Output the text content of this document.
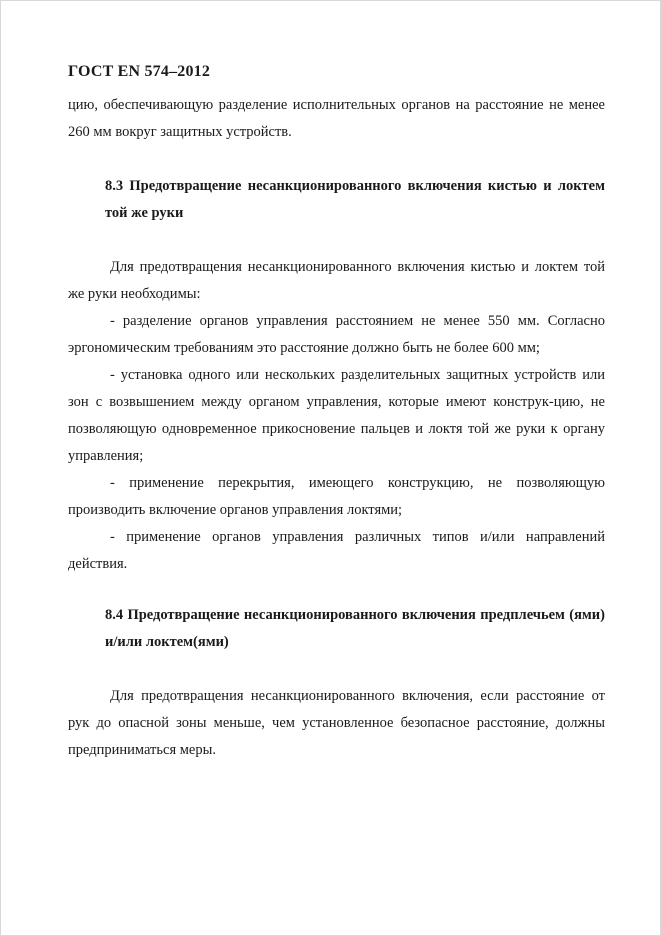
ГОСТ EN 574–2012

цию, обеспечивающую разделение исполнительных органов на расстояние не менее 260 мм вокруг защитных устройств.

8.3 Предотвращение несанкционированного включения кистью и локтем той же руки

Для предотвращения несанкционированного включения кистью и локтем той же руки необходимы:

- разделение органов управления расстоянием не менее 550 мм. Согласно эргономическим требованиям это расстояние должно быть не более 600 мм;

- установка одного или нескольких разделительных защитных устройств или зон с возвышением между органом управления, которые имеют конструк-цию, не позволяющую одновременное прикосновение пальцев и локтя той же руки к органу управления;

- применение перекрытия, имеющего конструкцию, не позволяющую производить включение органов управления локтями;

- применение органов управления различных типов и/или направлений действия.

8.4 Предотвращение несанкционированного включения предплечьем (ями) и/или локтем(ями)

Для предотвращения несанкционированного включения, если расстояние от рук до опасной зоны меньше, чем установленное безопасное расстояние, должны предприниматься меры.
